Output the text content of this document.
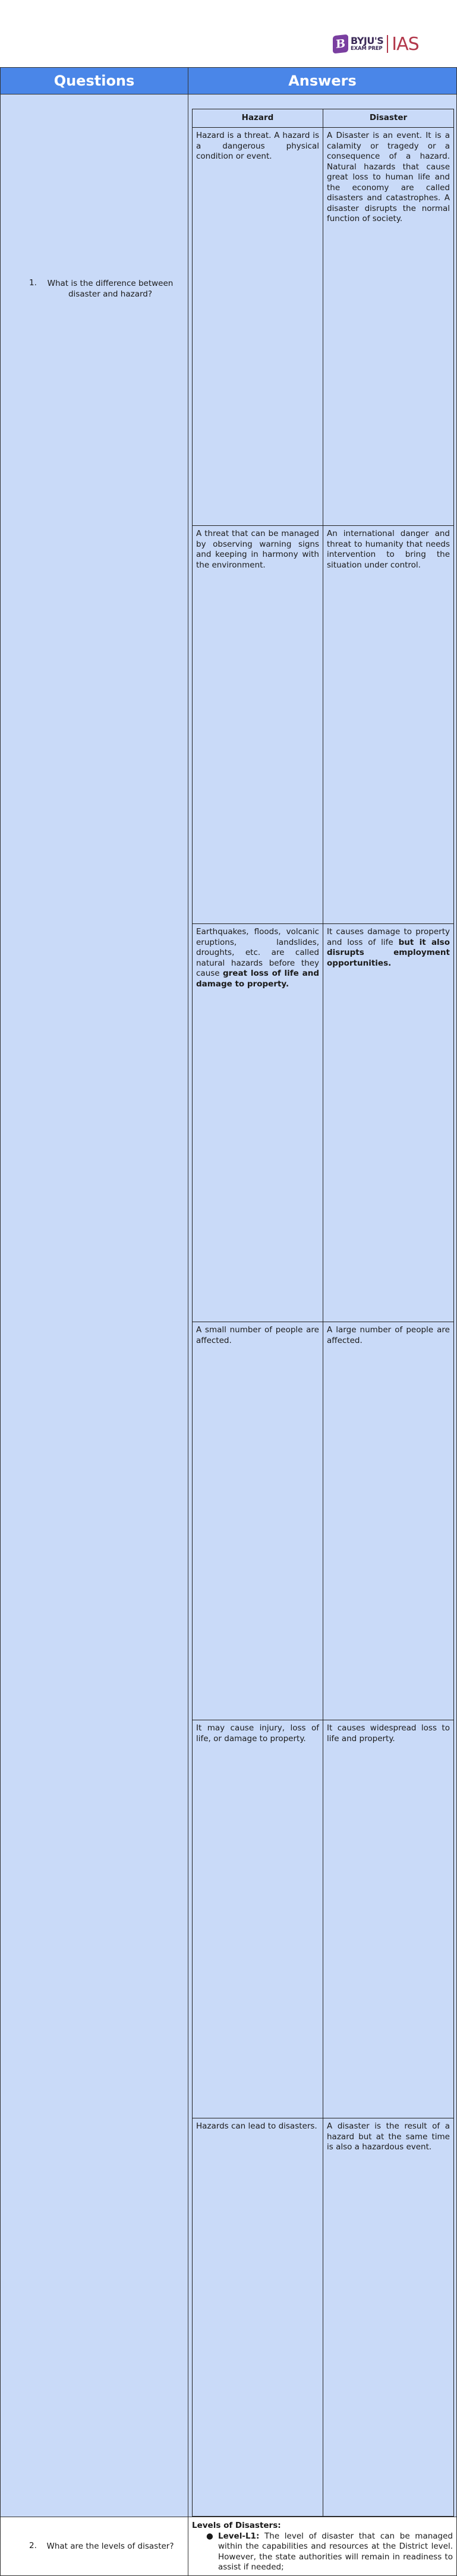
B BYJU'S
EXAM PREP IAS
Questions	Answers

1.	What is the difference between disaster and hazard?

Hazard	Disaster
Hazard is a threat. A hazard is a dangerous physical condition or event.	A Disaster is an event. It is a calamity or tragedy or a consequence of a hazard. Natural hazards that cause great loss to human life and the economy are called disasters and catastrophes. A disaster disrupts the normal function of society.
A threat that can be managed by observing warning signs and keeping in harmony with the environment.	An international danger and threat to humanity that needs intervention to bring the situation under control.
Earthquakes, floods, volcanic eruptions, landslides, droughts, etc. are called natural hazards before they cause great loss of life and damage to property.	It causes damage to property and loss of life but it also disrupts employment opportunities.
A small number of people are affected.	A large number of people are affected.
It may cause injury, loss of life, or damage to property.	It causes widespread loss to life and property.
Hazards can lead to disasters.	A disaster is the result of a hazard but at the same time is also a hazardous event.

2.	What are the levels of disaster?

Levels of Disasters:
● Level-L1: The level of disaster that can be managed within the capabilities and resources at the District level. However, the state authorities will remain in readiness to assist if needed;
